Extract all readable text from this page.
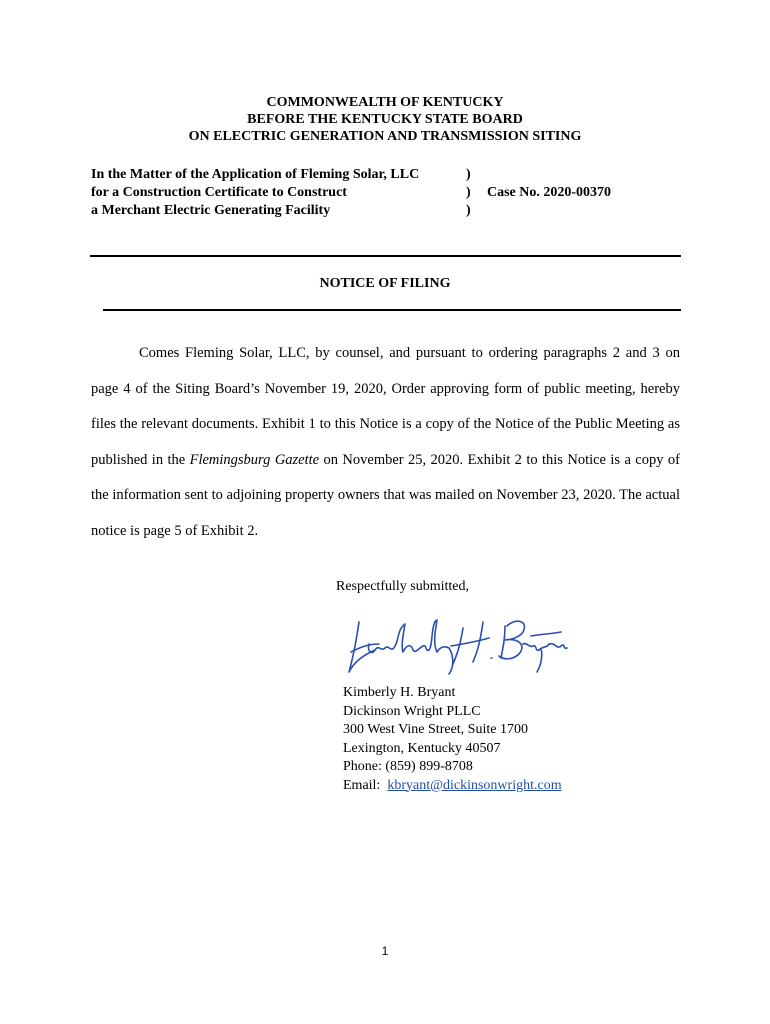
COMMONWEALTH OF KENTUCKY
BEFORE THE KENTUCKY STATE BOARD
ON ELECTRIC GENERATION AND TRANSMISSION SITING
In the Matter of the Application of Fleming Solar, LLC
for a Construction Certificate to Construct
a Merchant Electric Generating Facility
)
)
)
Case No. 2020-00370
NOTICE OF FILING
Comes Fleming Solar, LLC, by counsel, and pursuant to ordering paragraphs 2 and 3 on page 4 of the Siting Board’s November 19, 2020, Order approving form of public meeting, hereby files the relevant documents. Exhibit 1 to this Notice is a copy of the Notice of the Public Meeting as published in the Flemingsburg Gazette on November 25, 2020. Exhibit 2 to this Notice is a copy of the information sent to adjoining property owners that was mailed on November 23, 2020. The actual notice is page 5 of Exhibit 2.
Respectfully submitted,
Kimberly H. Bryant
Kimberly H. Bryant
Dickinson Wright PLLC
300 West Vine Street, Suite 1700
Lexington, Kentucky 40507
Phone: (859) 899-8708
Email: kbryant@dickinsonwright.com
1
